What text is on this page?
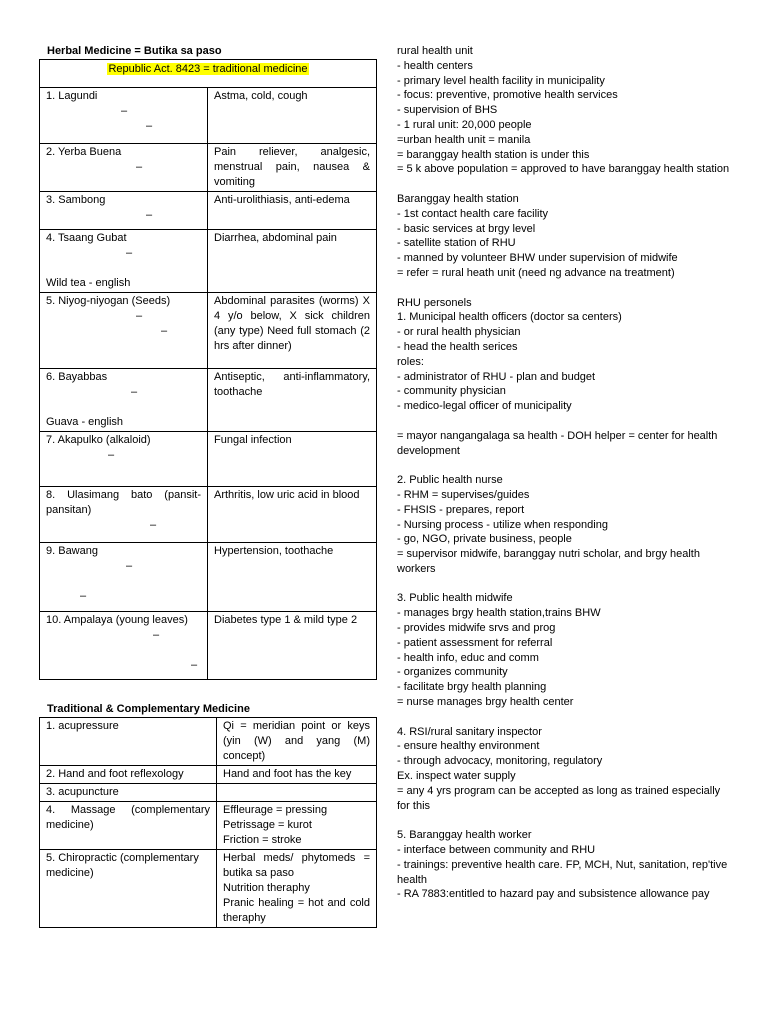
Herbal Medicine = Butika sa paso
Republic Act. 8423 = traditional medicine	

1. Lagundi
–
–	Astma, cold, cough

2. Yerba Buena
–	Pain reliever, analgesic, menstrual pain, nausea & vomiting

3. Sambong
–	Anti-urolithiasis, anti-edema

4. Tsaang Gubat
–
Wild tea - english	Diarrhea, abdominal pain

5. Niyog-niyogan (Seeds)
–
–	Abdominal parasites (worms) X 4 y/o below, X sick children (any type) Need full stomach (2 hrs after dinner)

6. Bayabbas
–
Guava - english	Antiseptic, anti-inflammatory, toothache

7. Akapulko (alkaloid)
–	Fungal infection

8. Ulasimang bato (pansit-pansitan)
–	Arthritis, low uric acid in blood

9. Bawang
–
–	Hypertension, toothache

10. Ampalaya (young leaves)
–
–	Diabetes type 1 & mild type 2
Traditional & Complementary Medicine
1. acupressure	Qi = meridian point or keys (yin (W) and yang (M) concept)
2. Hand and foot reflexology	Hand and foot has the key
3. acupuncture	
4. Massage (complementary medicine)	Effleurage = pressing
Petrissage = kurot
Friction = stroke

5. Chiropractic (complementary medicine)	Herbal meds/ phytomeds = butika sa paso
Nutrition theraphy
Pranic healing = hot and cold theraphy
rural health unit
- health centers
- primary level health facility in municipality
- focus: preventive, promotive health services
- supervision of BHS
- 1 rural unit: 20,000 people
=urban health unit = manila
= baranggay health station is under this
= 5 k above population = approved to have baranggay health station
Baranggay health station
- 1st contact health care facility
- basic services at brgy level
- satellite station of RHU
- manned by volunteer BHW under supervision of midwife
= refer = rural heath unit (need ng advance na treatment)
RHU personels
1. Municipal health officers (doctor sa centers)
- or rural health physician
- head the health serices
roles:
- administrator of RHU - plan and budget
- community physician
- medico-legal officer of municipality
= mayor nangangalaga sa health - DOH helper = center for health development
2. Public health nurse
- RHM = supervises/guides
- FHSIS - prepares, report
- Nursing process - utilize when responding
- go, NGO, private business, people
= supervisor midwife, baranggay nutri scholar, and brgy health workers
3. Public health midwife
- manages brgy health station,trains BHW
- provides midwife srvs and prog
- patient assessment for referral
- health info, educ and comm
- organizes community
- facilitate brgy health planning
= nurse manages brgy health center
4. RSI/rural sanitary inspector
- ensure healthy environment
- through advocacy, monitoring, regulatory
Ex. inspect water supply
= any 4 yrs program can be accepted as long as trained especially for this
5. Baranggay health worker
- interface between community and RHU
- trainings: preventive health care. FP, MCH, Nut, sanitation, rep'tive health
- RA 7883:entitled to hazard pay and subsistence allowance pay
